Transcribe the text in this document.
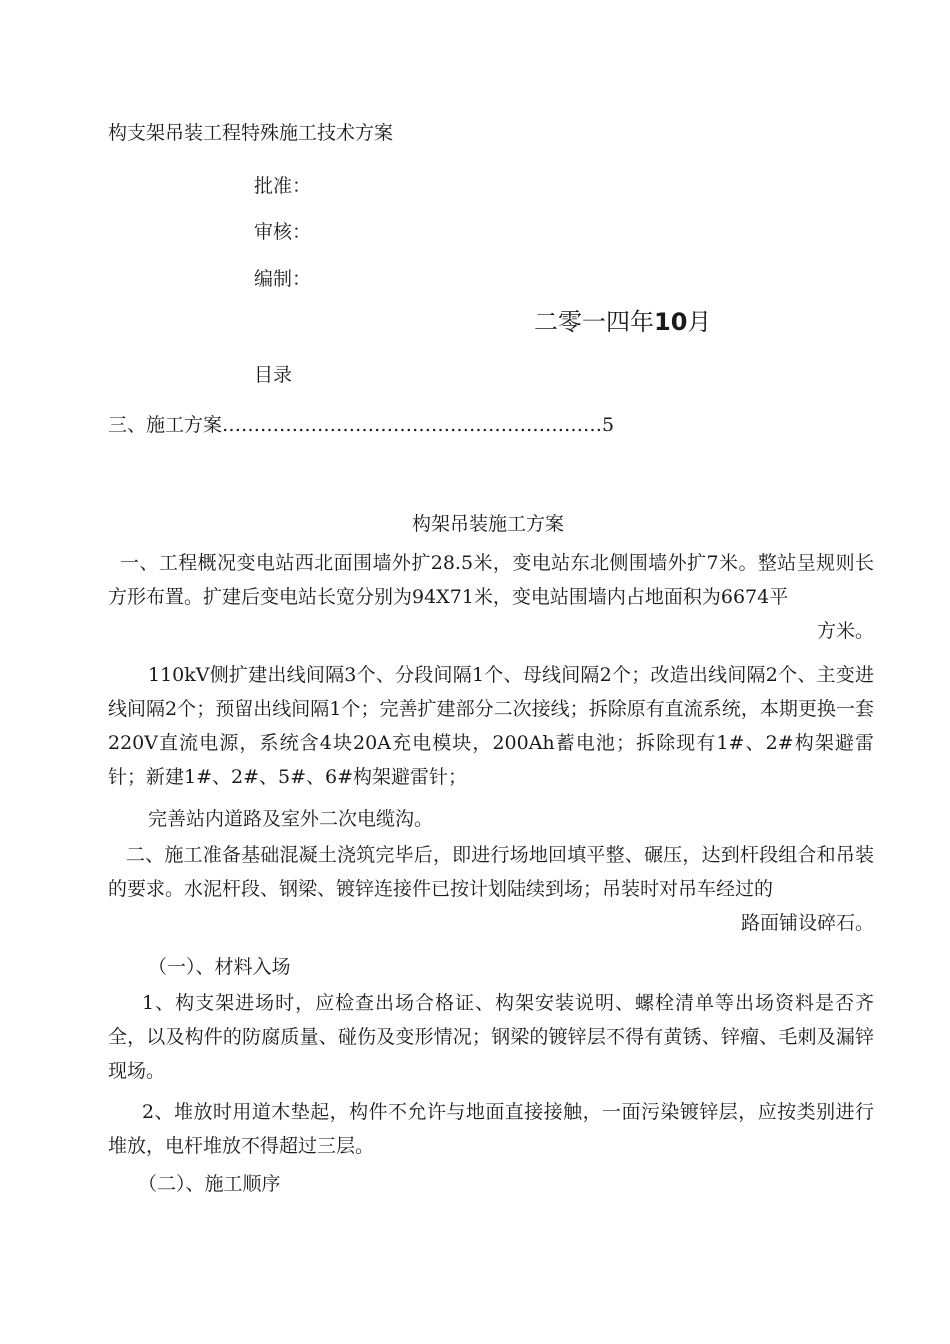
构支架吊装工程特殊施工技术方案
批准：
审核：
编制：
二零一四年10月
目录
三、施工方案……………………………………………………5
构架吊装施工方案
一、工程概况变电站西北面围墙外扩28.5米，变电站东北侧围墙外扩7米。整站呈规则长方形布置。扩建后变电站长宽分别为94X71米，变电站围墙内占地面积为6674平
方米。
110kV侧扩建出线间隔3个、分段间隔1个、母线间隔2个；改造出线间隔2个、主变进线间隔2个；预留出线间隔1个；完善扩建部分二次接线；拆除原有直流系统，本期更换一套220V直流电源，系统含4块20A充电模块，200Ah蓄电池；拆除现有1#、2#构架避雷针；新建1#、2#、5#、6#构架避雷针；
完善站内道路及室外二次电缆沟。
二、施工准备基础混凝土浇筑完毕后，即进行场地回填平整、碾压，达到杆段组合和吊装的要求。水泥杆段、钢梁、镀锌连接件已按计划陆续到场；吊装时对吊车经过的
路面铺设碎石。
（一）、材料入场
1、构支架进场时，应检查出场合格证、构架安装说明、螺栓清单等出场资料是否齐全，以及构件的防腐质量、碰伤及变形情况；钢梁的镀锌层不得有黄锈、锌瘤、毛刺及漏锌现场。
2、堆放时用道木垫起，构件不允许与地面直接接触，一面污染镀锌层，应按类别进行堆放，电杆堆放不得超过三层。
（二）、施工顺序
